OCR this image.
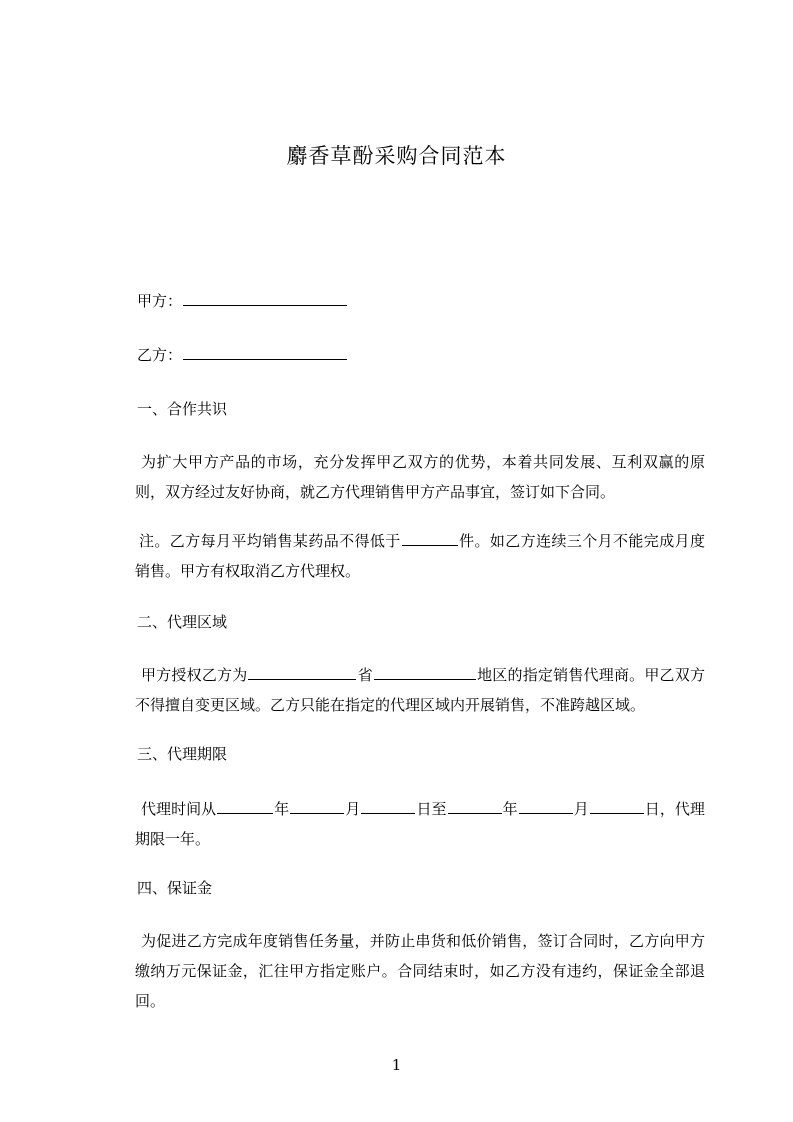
麝香草酚采购合同范本
甲方：
乙方：
一、合作共识
为扩大甲方产品的市场，充分发挥甲乙双方的优势，本着共同发展、互利双赢的原则，双方经过友好协商，就乙方代理销售甲方产品事宜，签订如下合同。
注。乙方每月平均销售某药品不得低于	件。如乙方连续三个月不能完成月度销售。甲方有权取消乙方代理权。
二、代理区域
甲方授权乙方为	省	地区的指定销售代理商。甲乙双方不得擅自变更区域。乙方只能在指定的代理区域内开展销售，不准跨越区域。
三、代理期限
代理时间从	年	月	日至	年	月	日，代理期限一年。
四、保证金
为促进乙方完成年度销售任务量，并防止串货和低价销售，签订合同时，乙方向甲方缴纳万元保证金，汇往甲方指定账户。合同结束时，如乙方没有违约，保证金全部退回。
1
